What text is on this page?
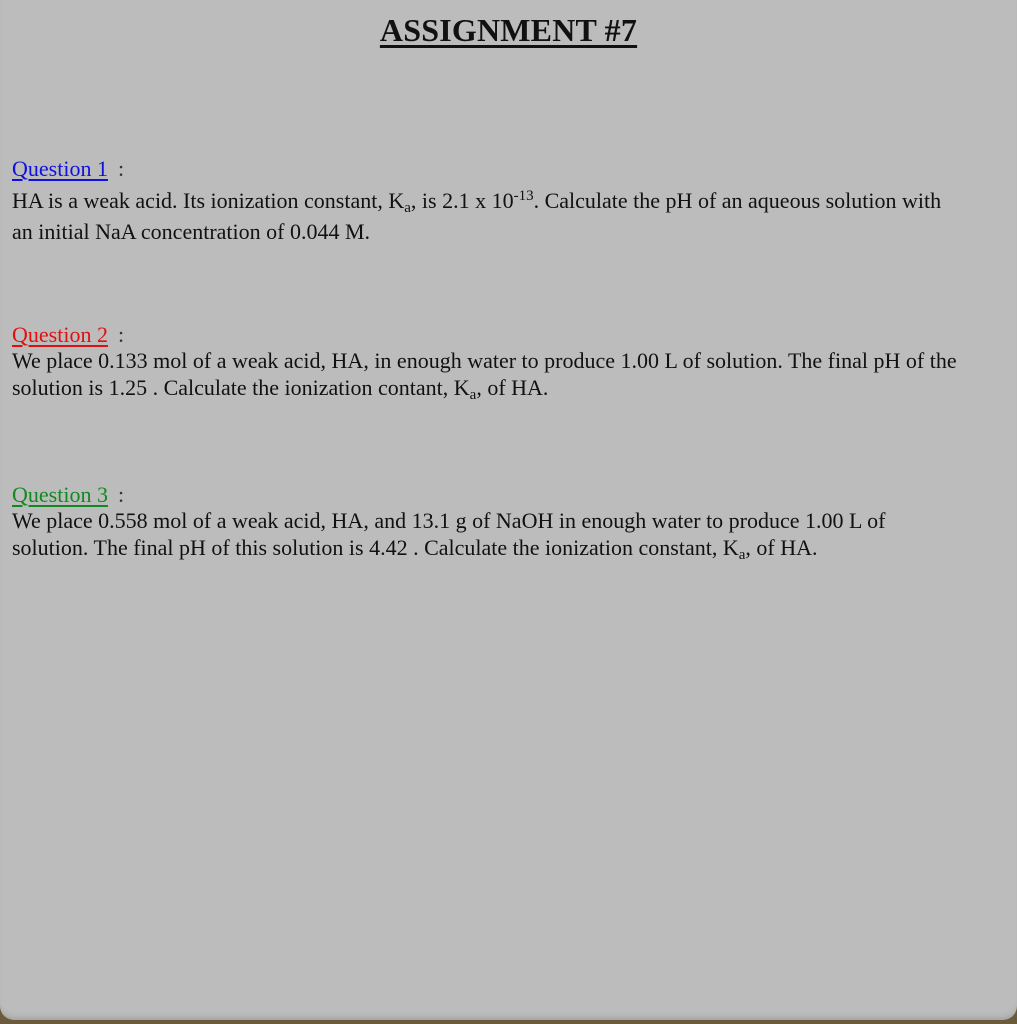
ASSIGNMENT #7
Question 1 :
HA is a weak acid. Its ionization constant, $K_a$, is 2.1 x $10^{-13}$. Calculate the pH of an aqueous solution with
an initial NaA concentration of 0.044 M.
Question 2 :
We place 0.133 mol of a weak acid, HA, in enough water to produce 1.00 L of solution. The final pH of the
solution is 1.25 . Calculate the ionization contant, $K_a$, of HA.
Question 3 :
We place 0.558 mol of a weak acid, HA, and 13.1 g of NaOH in enough water to produce 1.00 L of
solution. The final pH of this solution is 4.42 . Calculate the ionization constant, $K_a$, of HA.
